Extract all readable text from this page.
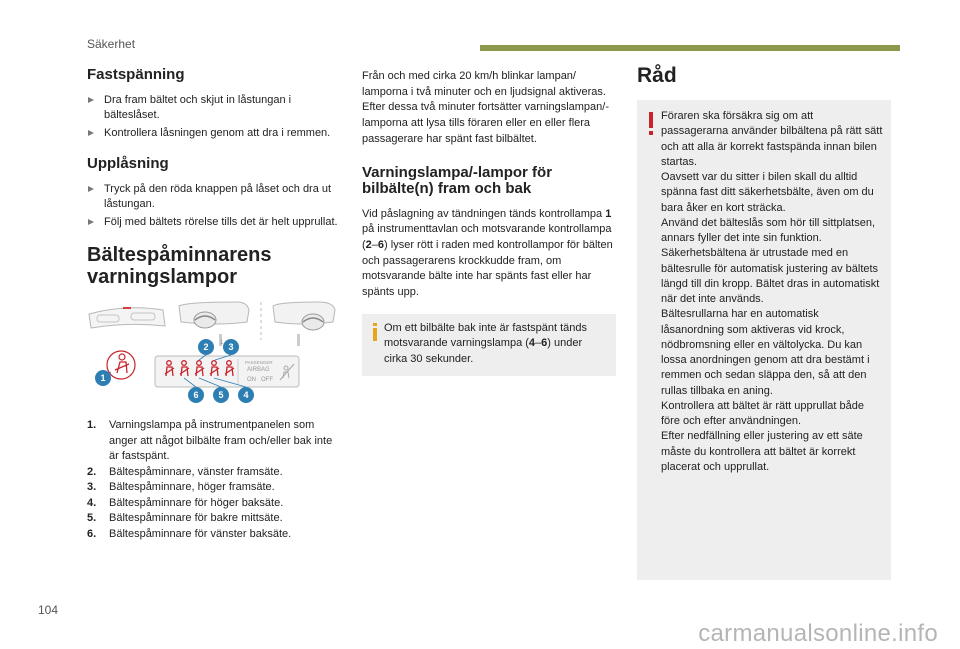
Säkerhet
Fastspänning
Dra fram bältet och skjut in låstungan i bälteslåset.
Kontrollera låsningen genom att dra i remmen.
Upplåsning
Tryck på den röda knappen på låset och dra ut låstungan.
Följ med bältets rörelse tills det är helt upprullat.
Bältespåminnarens
varningslampor
1
PASSENGER
AIRBAG
ON OFF
1
2 3
4
5
6
1.	Varningslampa på instrumentpanelen som anger att något bilbälte fram och/eller bak inte är fastspänt.
2.	Bältespåminnare, vänster framsäte.
3.	Bältespåminnare, höger framsäte.
4.	Bältespåminnare för höger baksäte.
5.	Bältespåminnare för bakre mittsäte.
6.	Bältespåminnare för vänster baksäte.

Från och med cirka 20 km/h blinkar lampan/ lamporna i två minuter och en ljudsignal aktiveras. Efter dessa två minuter fortsätter varningslampan/-lamporna att lysa tills föraren eller en eller flera passagerare har spänt fast bilbältet.

Varningslampa/-lampor för
bilbälte(n) fram och bak

Vid påslagning av tändningen tänds kontrollampa 1 på instrumenttavlan och motsvarande kontrollampa (2–6) lyser rött i raden med kontrollampor för bälten och passagerarens krockkudde fram, om motsvarande bälte inte har spänts fast eller har spänts upp.

Om ett bilbälte bak inte är fastspänt tänds motsvarande varningslampa (4–6) under cirka 30 sekunder.

Råd

Föraren ska försäkra sig om att passagerarna använder bilbältena på rätt sätt och att alla är korrekt fastspända innan bilen startas.

Oavsett var du sitter i bilen skall du alltid spänna fast ditt säkerhetsbälte, även om du bara åker en kort sträcka.

Använd det bälteslås som hör till sittplatsen, annars fyller det inte sin funktion.

Säkerhetsbältena är utrustade med en bältesrulle för automatisk justering av bältets längd till din kropp. Bältet dras in automatiskt när det inte används.

Bältesrullarna har en automatisk låsanordning som aktiveras vid krock, nödbromsning eller en vältolycka. Du kan lossa anordningen genom att dra bestämt i remmen och sedan släppa den, så att den rullas tillbaka en aning.

Kontrollera att bältet är rätt upprullat både före och efter användningen.

Efter nedfällning eller justering av ett säte måste du kontrollera att bältet är korrekt placerat och upprullat.

104
carmanualsonline.info
